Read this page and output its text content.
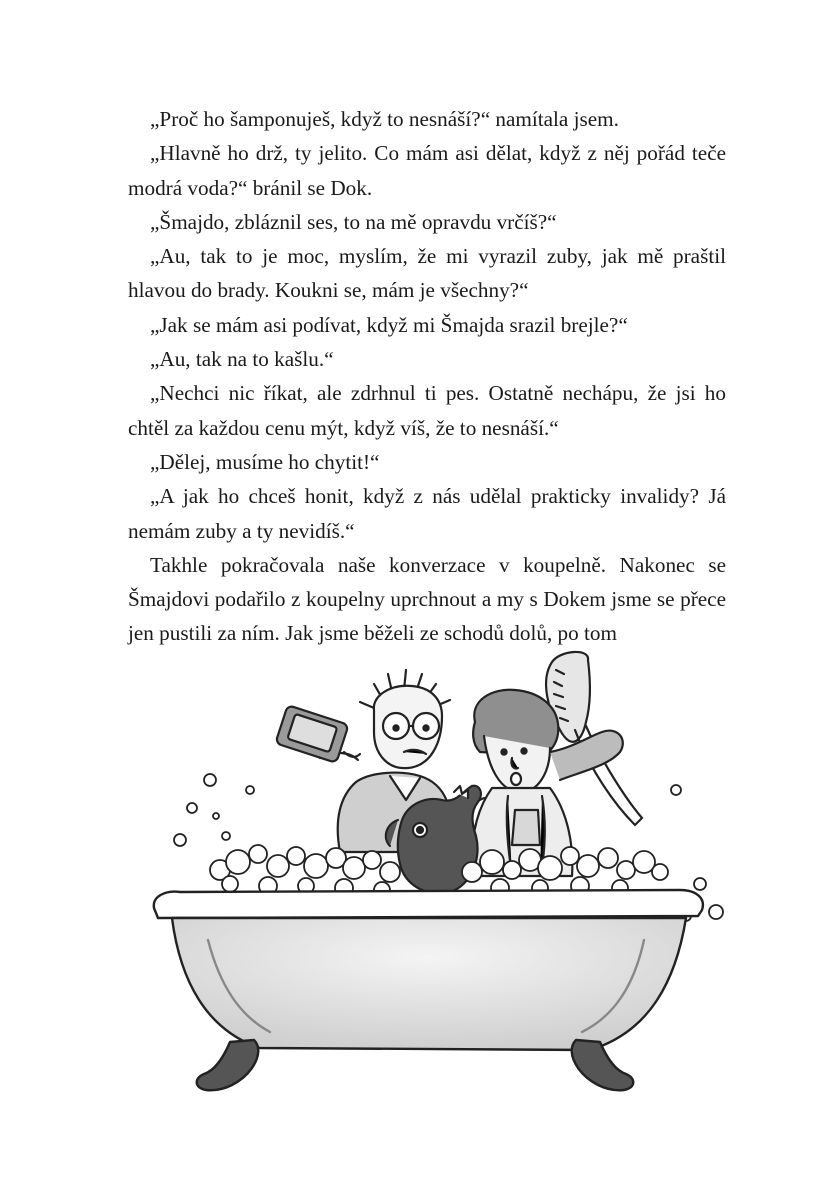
„Proč ho šamponuješ, když to nesnáší?“ namítala jsem.

„Hlavně ho drž, ty jelito. Co mám asi dělat, když z něj pořád teče modrá voda?“ bránil se Dok.

„Šmajdo, zbláznil ses, to na mě opravdu vrčíš?“

„Au, tak to je moc, myslím, že mi vyrazil zuby, jak mě praštil hlavou do brady. Koukni se, mám je všechny?“

„Jak se mám asi podívat, když mi Šmajda srazil brejle?“

„Au, tak na to kašlu.“

„Nechci nic říkat, ale zdrhnul ti pes. Ostatně nechápu, že jsi ho chtěl za každou cenu mýt, když víš, že to nesnáší.“

„Dělej, musíme ho chytit!“

„A jak ho chceš honit, když z nás udělal prakticky invalidy? Já nemám zuby a ty nevidíš.“

Takhle pokračovala naše konverzace v koupelně. Nakonec se Šmajdovi podařilo z koupelny uprchnout a my s Dokem jsme se přece jen pustili za ním. Jak jsme běželi ze schodů dolů, po tom
